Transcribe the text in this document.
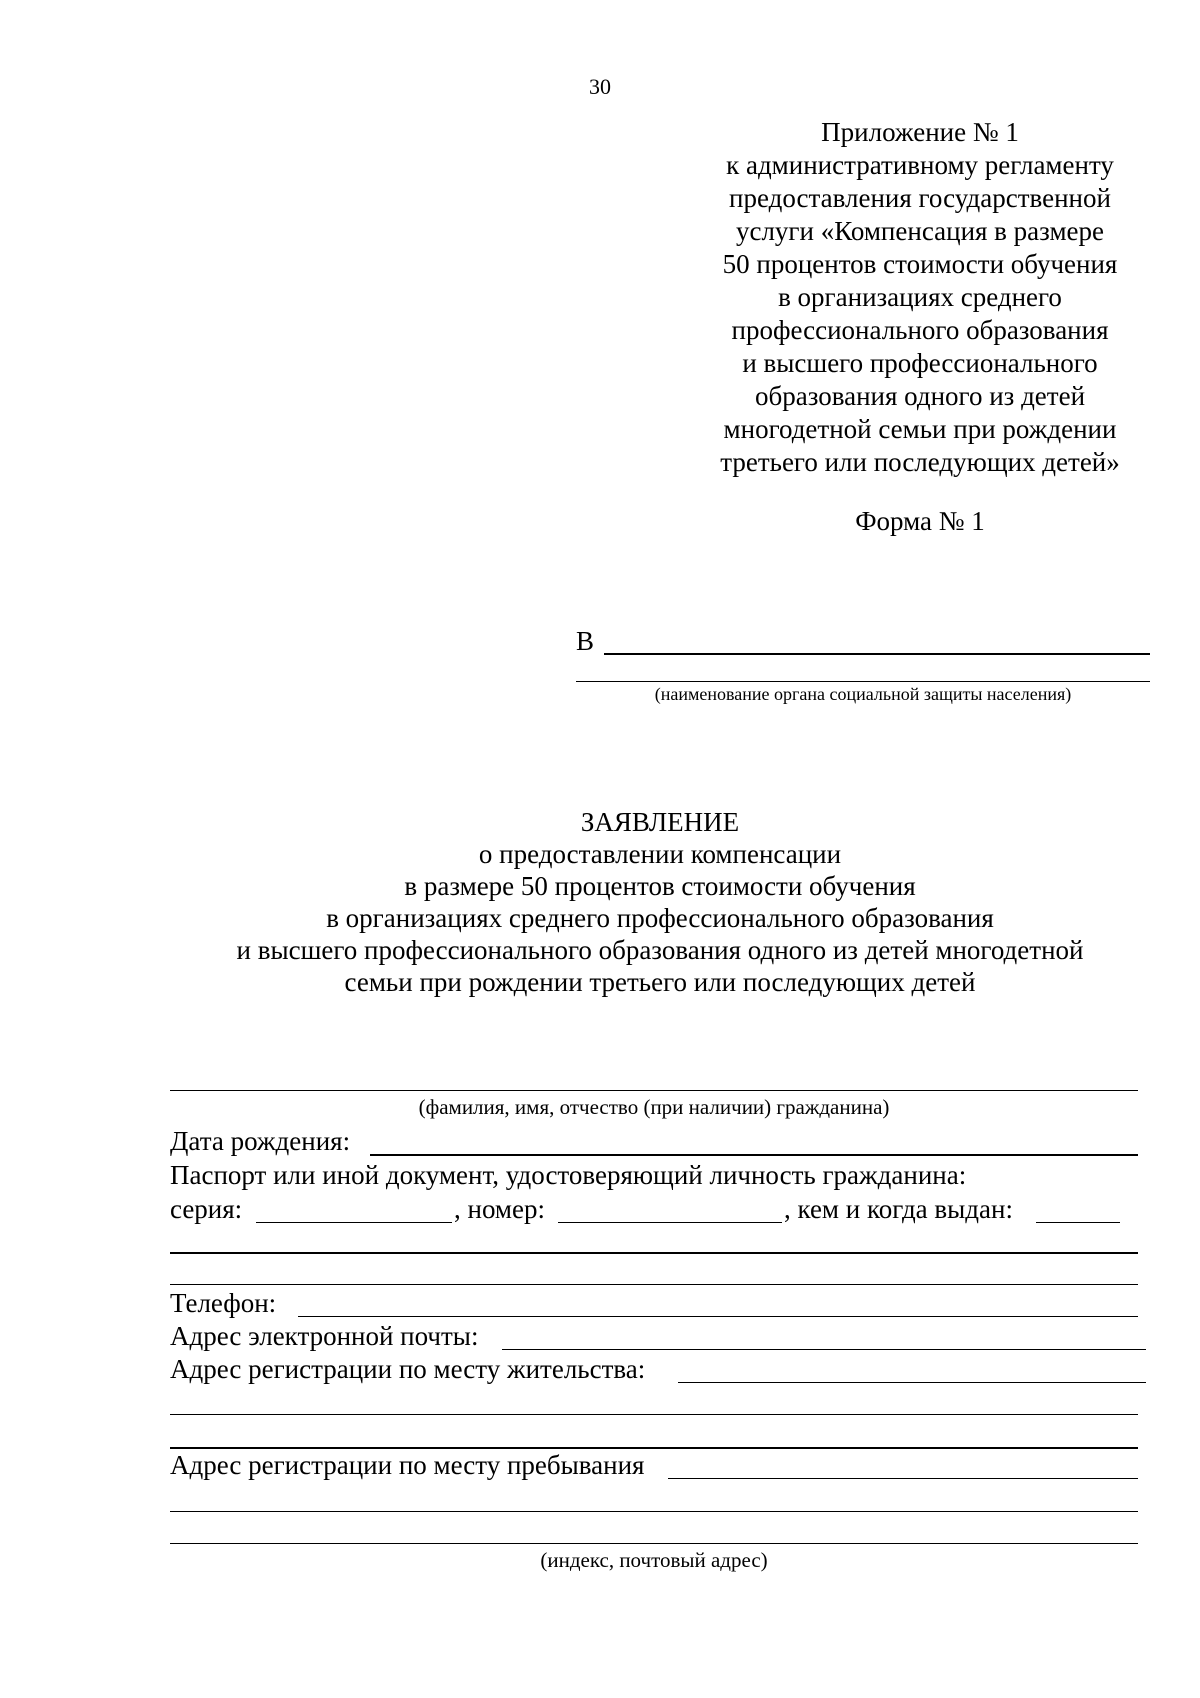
30
Приложение № 1
к административному регламенту
предоставления государственной
услуги «Компенсация в размере
50 процентов стоимости обучения
в организациях среднего
профессионального образования
и высшего профессионального
образования одного из детей
многодетной семьи при рождении
третьего или последующих детей»
Форма № 1
В
(наименование органа социальной защиты населения)
ЗАЯВЛЕНИЕ
о предоставлении компенсации
в размере 50 процентов стоимости обучения
в организациях среднего профессионального образования
и высшего профессионального образования одного из детей многодетной
семьи при рождении третьего или последующих детей
(фамилия, имя, отчество (при наличии) гражданина)
Дата рождения:
Паспорт или иной документ, удостоверяющий личность гражданина:
серия:	, номер:	, кем и когда выдан:
Телефон:
Адрес электронной почты:
Адрес регистрации по месту жительства:
Адрес регистрации по месту пребывания
(индекс, почтовый адрес)
